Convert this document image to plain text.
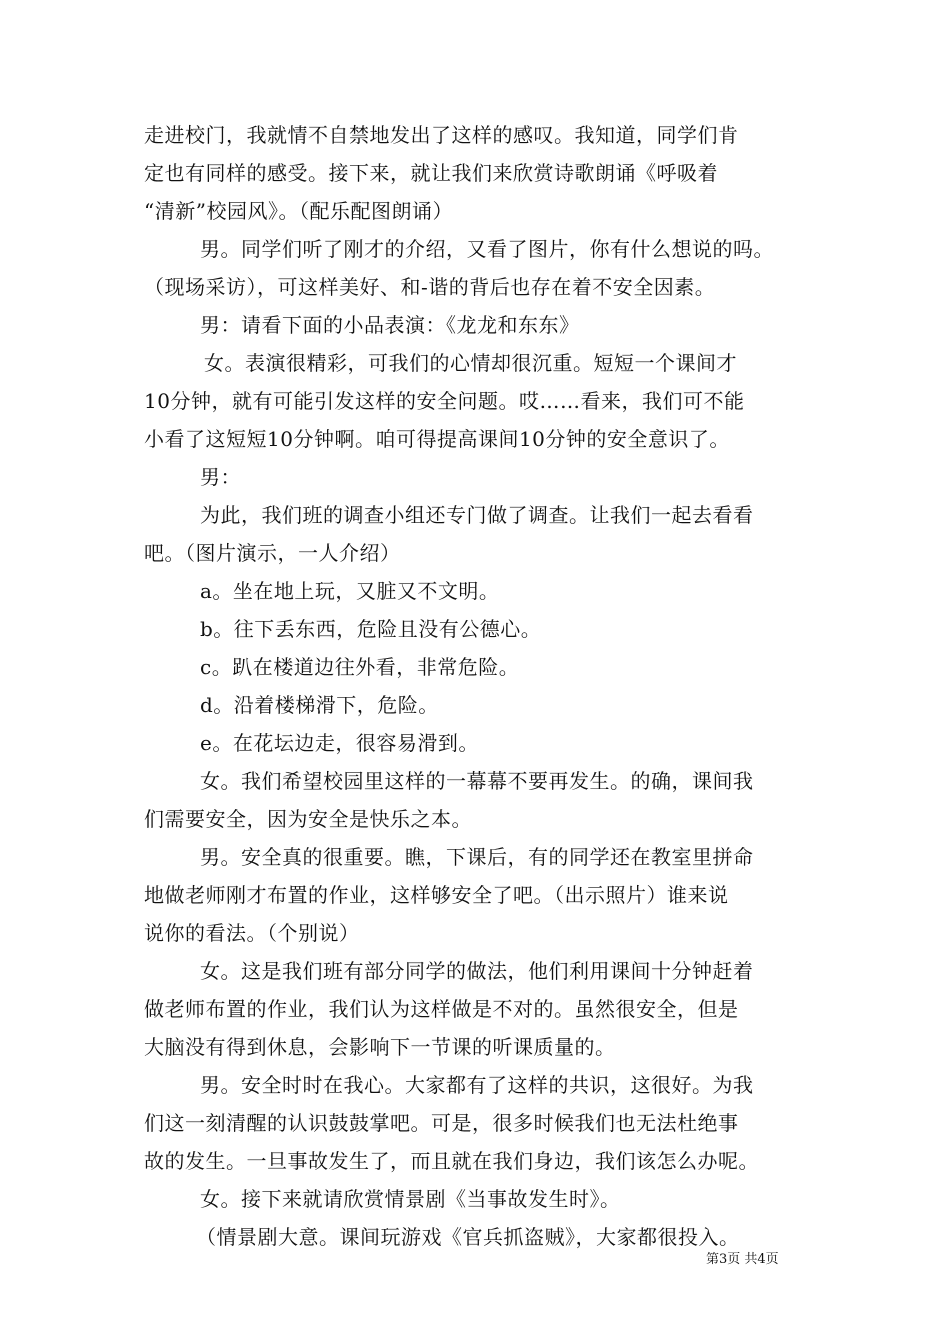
走进校门，我就情不自禁地发出了这样的感叹。我知道，同学们肯
定也有同样的感受。接下来，就让我们来欣赏诗歌朗诵《呼吸着
“清新”校园风》。（配乐配图朗诵）
男。同学们听了刚才的介绍，又看了图片，你有什么想说的吗。
（现场采访），可这样美好、和-谐的背后也存在着不安全因素。
男：请看下面的小品表演：《龙龙和东东》
女。表演很精彩，可我们的心情却很沉重。短短一个课间才
10分钟，就有可能引发这样的安全问题。哎……看来，我们可不能
小看了这短短10分钟啊。咱可得提高课间10分钟的安全意识了。
男：
为此，我们班的调查小组还专门做了调查。让我们一起去看看
吧。（图片演示，一人介绍）
a。坐在地上玩，又脏又不文明。
b。往下丢东西，危险且没有公德心。
c。趴在楼道边往外看，非常危险。
d。沿着楼梯滑下，危险。
e。在花坛边走，很容易滑到。
女。我们希望校园里这样的一幕幕不要再发生。的确，课间我
们需要安全，因为安全是快乐之本。
男。安全真的很重要。瞧，下课后，有的同学还在教室里拼命
地做老师刚才布置的作业，这样够安全了吧。（出示照片）谁来说
说你的看法。（个别说）
女。这是我们班有部分同学的做法，他们利用课间十分钟赶着
做老师布置的作业，我们认为这样做是不对的。虽然很安全，但是
大脑没有得到休息，会影响下一节课的听课质量的。
男。安全时时在我心。大家都有了这样的共识，这很好。为我
们这一刻清醒的认识鼓鼓掌吧。可是，很多时候我们也无法杜绝事
故的发生。一旦事故发生了，而且就在我们身边，我们该怎么办呢。
女。接下来就请欣赏情景剧《当事故发生时》。
（情景剧大意。课间玩游戏《官兵抓盗贼》，大家都很投入。
第3页 共4页
